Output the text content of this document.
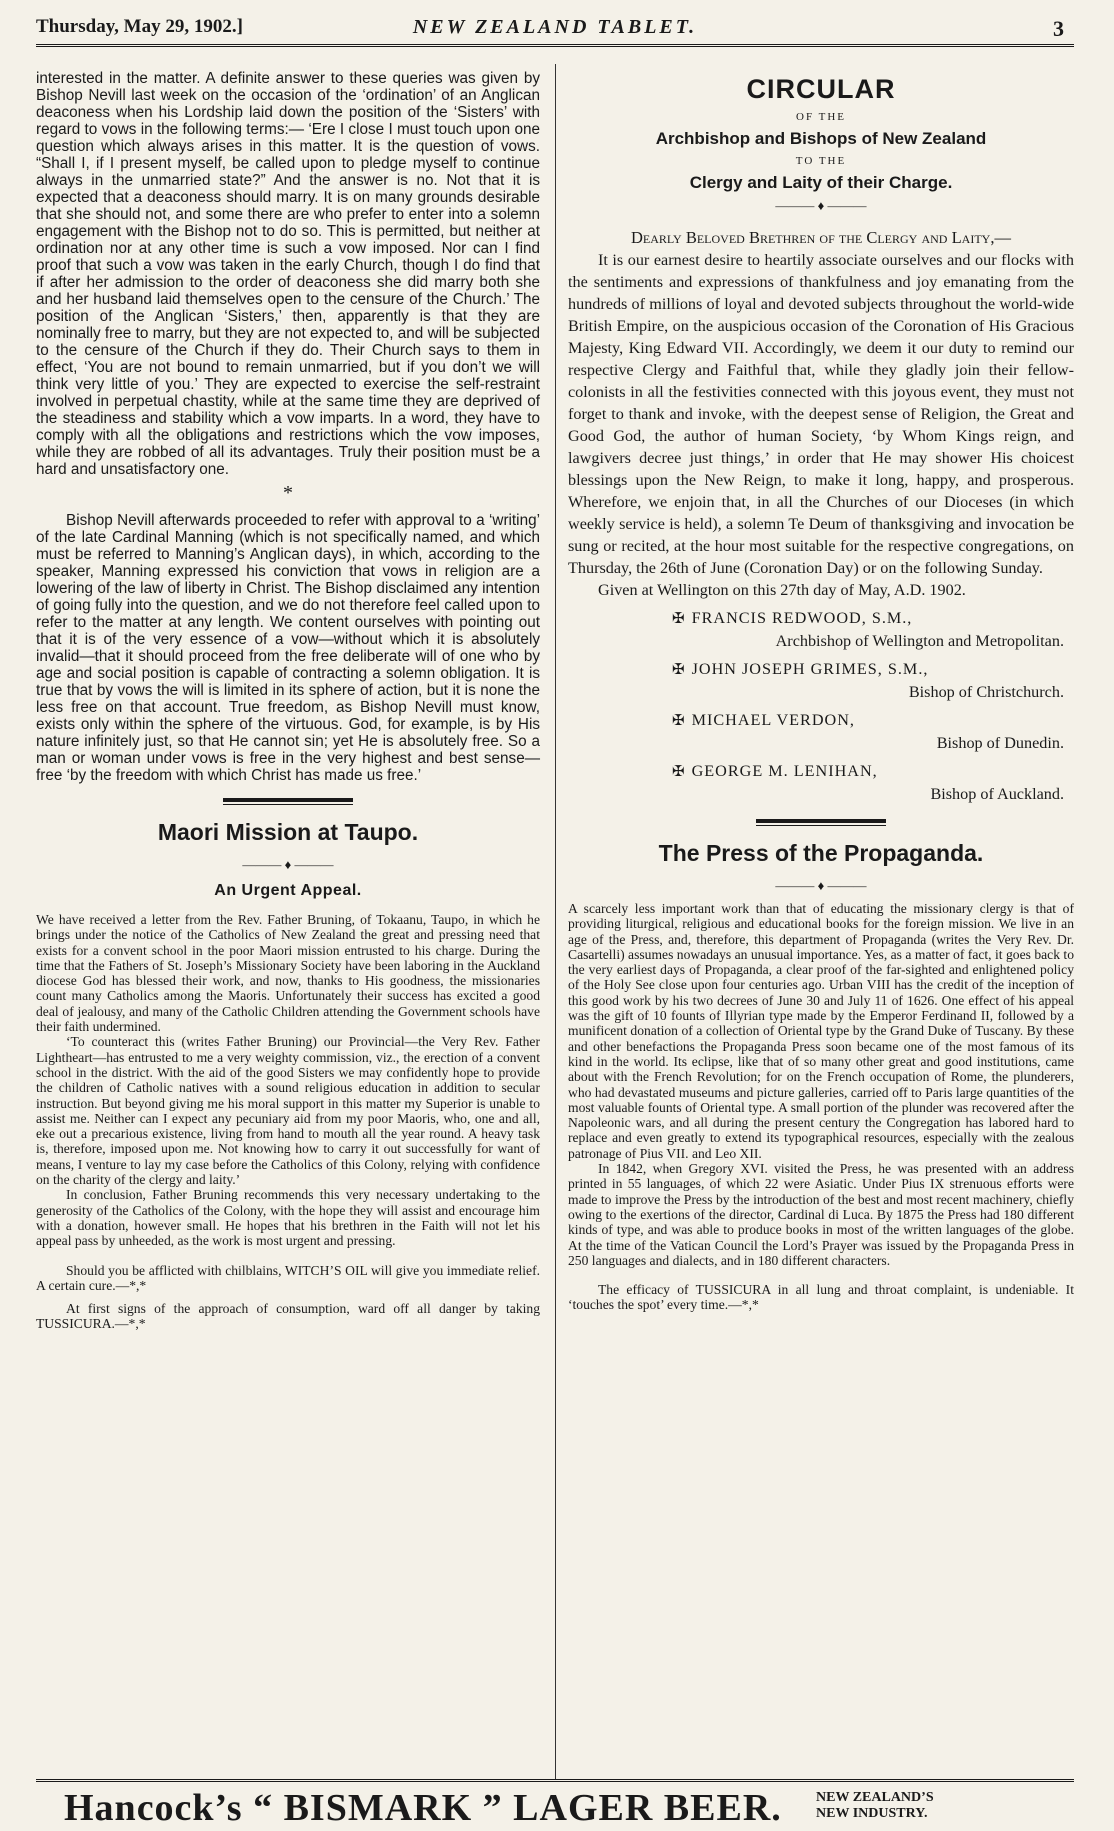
Thursday, May 29, 1902.]	NEW ZEALAND TABLET.	3

interested in the matter. A definite answer to these queries was given by Bishop Nevill last week on the occasion of the ‘ordination’ of an Anglican deaconess when his Lordship laid down the position of the ‘Sisters’ with regard to vows in the following terms:— ‘Ere I close I must touch upon one question which always arises in this matter. It is the question of vows. “Shall I, if I present myself, be called upon to pledge myself to continue always in the unmarried state?” And the answer is no. Not that it is expected that a deaconess should marry. It is on many grounds desirable that she should not, and some there are who prefer to enter into a solemn engagement with the Bishop not to do so. This is permitted, but neither at ordination nor at any other time is such a vow imposed. Nor can I find proof that such a vow was taken in the early Church, though I do find that if after her admission to the order of deaconess she did marry both she and her husband laid themselves open to the censure of the Church.’ The position of the Anglican ‘Sisters,’ then, apparently is that they are nominally free to marry, but they are not expected to, and will be subjected to the censure of the Church if they do. Their Church says to them in effect, ‘You are not bound to remain unmarried, but if you don’t we will think very little of you.’ They are expected to exercise the self-restraint involved in perpetual chastity, while at the same time they are deprived of the steadiness and stability which a vow imparts. In a word, they have to comply with all the obligations and restrictions which the vow imposes, while they are robbed of all its advantages. Truly their position must be a hard and unsatisfactory one.

*

Bishop Nevill afterwards proceeded to refer with approval to a ‘writing’ of the late Cardinal Manning (which is not specifically named, and which must be referred to Manning’s Anglican days), in which, according to the speaker, Manning expressed his conviction that vows in religion are a lowering of the law of liberty in Christ. The Bishop disclaimed any intention of going fully into the question, and we do not therefore feel called upon to refer to the matter at any length. We content ourselves with pointing out that it is of the very essence of a vow—without which it is absolutely invalid—that it should proceed from the free deliberate will of one who by age and social position is capable of contracting a solemn obligation. It is true that by vows the will is limited in its sphere of action, but it is none the less free on that account. True freedom, as Bishop Nevill must know, exists only within the sphere of the virtuous. God, for example, is by His nature infinitely just, so that He cannot sin; yet He is absolutely free. So a man or woman under vows is free in the very highest and best sense—free ‘by the freedom with which Christ has made us free.’

Maori Mission at Taupo.
——— ♦ ———
An Urgent Appeal.

We have received a letter from the Rev. Father Bruning, of Tokaanu, Taupo, in which he brings under the notice of the Catholics of New Zealand the great and pressing need that exists for a convent school in the poor Maori mission entrusted to his charge. During the time that the Fathers of St. Joseph’s Missionary Society have been laboring in the Auckland diocese God has blessed their work, and now, thanks to His goodness, the missionaries count many Catholics among the Maoris. Unfortunately their success has excited a good deal of jealousy, and many of the Catholic Children attending the Government schools have their faith undermined.

‘To counteract this (writes Father Bruning) our Provincial—the Very Rev. Father Lightheart—has entrusted to me a very weighty commission, viz., the erection of a convent school in the district. With the aid of the good Sisters we may confidently hope to provide the children of Catholic natives with a sound religious education in addition to secular instruction. But beyond giving me his moral support in this matter my Superior is unable to assist me. Neither can I expect any pecuniary aid from my poor Maoris, who, one and all, eke out a precarious existence, living from hand to mouth all the year round. A heavy task is, therefore, imposed upon me. Not knowing how to carry it out successfully for want of means, I venture to lay my case before the Catholics of this Colony, relying with confidence on the charity of the clergy and laity.’

In conclusion, Father Bruning recommends this very necessary undertaking to the generosity of the Catholics of the Colony, with the hope they will assist and encourage him with a donation, however small. He hopes that his brethren in the Faith will not let his appeal pass by unheeded, as the work is most urgent and pressing.

Should you be afflicted with chilblains, WITCH’S OIL will give you immediate relief. A certain cure.—*,*

At first signs of the approach of consumption, ward off all danger by taking TUSSICURA.—*,*

CIRCULAR
OF THE
Archbishop and Bishops of New Zealand
TO THE
Clergy and Laity of their Charge.
——— ♦ ———
Dearly Beloved Brethren of the Clergy and Laity,—

It is our earnest desire to heartily associate ourselves and our flocks with the sentiments and expressions of thankfulness and joy emanating from the hundreds of millions of loyal and devoted subjects throughout the world-wide British Empire, on the auspicious occasion of the Coronation of His Gracious Majesty, King Edward VII. Accordingly, we deem it our duty to remind our respective Clergy and Faithful that, while they gladly join their fellow-colonists in all the festivities connected with this joyous event, they must not forget to thank and invoke, with the deepest sense of Religion, the Great and Good God, the author of human Society, ‘by Whom Kings reign, and lawgivers decree just things,’ in order that He may shower His choicest blessings upon the New Reign, to make it long, happy, and prosperous. Wherefore, we enjoin that, in all the Churches of our Dioceses (in which weekly service is held), a solemn Te Deum of thanksgiving and invocation be sung or recited, at the hour most suitable for the respective congregations, on Thursday, the 26th of June (Coronation Day) or on the following Sunday.

Given at Wellington on this 27th day of May, A.D. 1902.

✠ FRANCIS REDWOOD, S.M.,
Archbishop of Wellington and Metropolitan.
✠ JOHN JOSEPH GRIMES, S.M.,
Bishop of Christchurch.
✠ MICHAEL VERDON,
Bishop of Dunedin.
✠ GEORGE M. LENIHAN,
Bishop of Auckland.
The Press of the Propaganda.
——— ♦ ———

A scarcely less important work than that of educating the missionary clergy is that of providing liturgical, religious and educational books for the foreign mission. We live in an age of the Press, and, therefore, this department of Propaganda (writes the Very Rev. Dr. Casartelli) assumes nowadays an unusual importance. Yes, as a matter of fact, it goes back to the very earliest days of Propaganda, a clear proof of the far-sighted and enlightened policy of the Holy See close upon four centuries ago. Urban VIII has the credit of the inception of this good work by his two decrees of June 30 and July 11 of 1626. One effect of his appeal was the gift of 10 founts of Illyrian type made by the Emperor Ferdinand II, followed by a munificent donation of a collection of Oriental type by the Grand Duke of Tuscany. By these and other benefactions the Propaganda Press soon became one of the most famous of its kind in the world. Its eclipse, like that of so many other great and good institutions, came about with the French Revolution; for on the French occupation of Rome, the plunderers, who had devastated museums and picture galleries, carried off to Paris large quantities of the most valuable founts of Oriental type. A small portion of the plunder was recovered after the Napoleonic wars, and all during the present century the Congregation has labored hard to replace and even greatly to extend its typographical resources, especially with the zealous patronage of Pius VII. and Leo XII.

In 1842, when Gregory XVI. visited the Press, he was presented with an address printed in 55 languages, of which 22 were Asiatic. Under Pius IX strenuous efforts were made to improve the Press by the introduction of the best and most recent machinery, chiefly owing to the exertions of the director, Cardinal di Luca. By 1875 the Press had 180 different kinds of type, and was able to produce books in most of the written languages of the globe. At the time of the Vatican Council the Lord’s Prayer was issued by the Propaganda Press in 250 languages and dialects, and in 180 different characters.

The efficacy of TUSSICURA in all lung and throat complaint, is undeniable. It ‘touches the spot’ every time.—*,*

Hancock’s “ BISMARK ” LAGER BEER. NEW ZEALAND’S
NEW INDUSTRY.
